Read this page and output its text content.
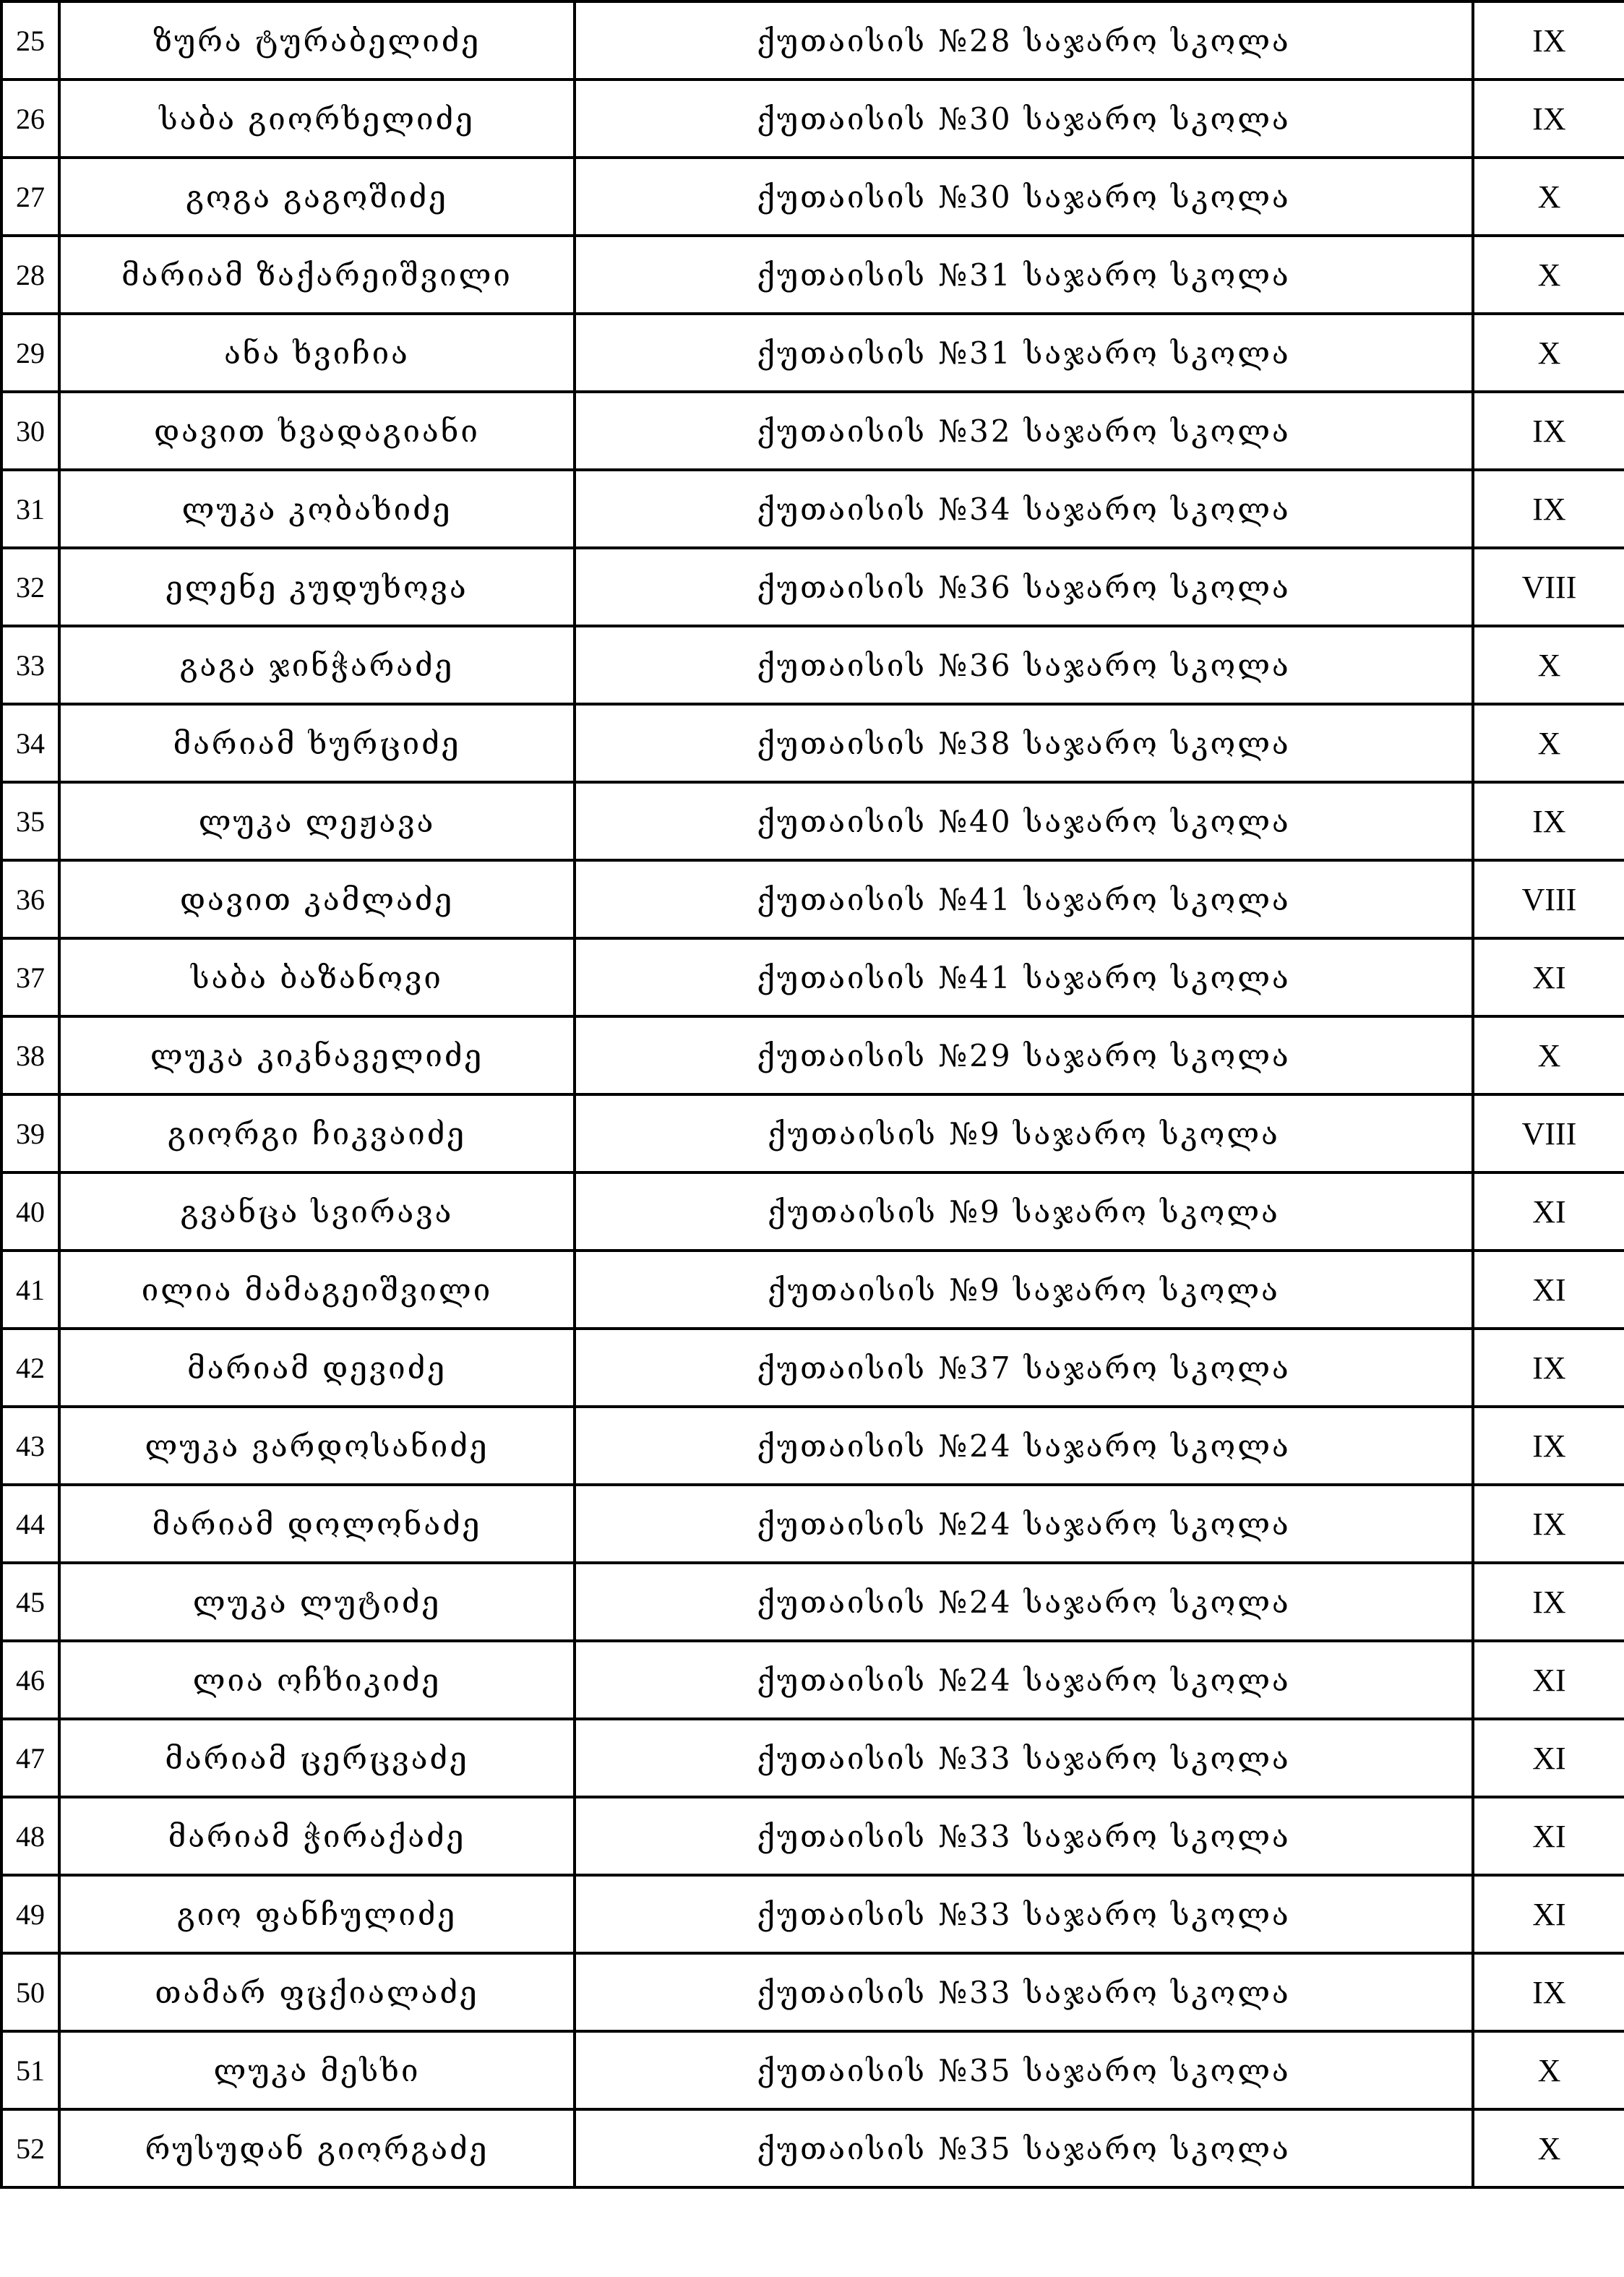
25	ზურა ტურაბელიძე	ქუთაისის №28 საჯარო სკოლა	IX
26	საბა გიორხელიძე	ქუთაისის №30 საჯარო სკოლა	IX
27	გოგა გაგოშიძე	ქუთაისის №30 საჯარო სკოლა	X
28	მარიამ ზაქარეიშვილი	ქუთაისის №31 საჯარო სკოლა	X
29	ანა ხვიჩია	ქუთაისის №31 საჯარო სკოლა	X
30	დავით ხვადაგიანი	ქუთაისის №32 საჯარო სკოლა	IX
31	ლუკა კობახიძე	ქუთაისის №34 საჯარო სკოლა	IX
32	ელენე კუდუხოვა	ქუთაისის №36 საჯარო სკოლა	VIII
33	გაგა ჯინჭარაძე	ქუთაისის №36 საჯარო სკოლა	X
34	მარიამ ხურციძე	ქუთაისის №38 საჯარო სკოლა	X
35	ლუკა ლეჟავა	ქუთაისის №40 საჯარო სკოლა	IX
36	დავით კამლაძე	ქუთაისის №41 საჯარო სკოლა	VIII
37	საბა ბაზანოვი	ქუთაისის №41 საჯარო სკოლა	XI
38	ლუკა კიკნაველიძე	ქუთაისის №29 საჯარო სკოლა	X
39	გიორგი ჩიკვაიძე	ქუთაისის №9 საჯარო სკოლა	VIII
40	გვანცა სვირავა	ქუთაისის №9 საჯარო სკოლა	XI
41	ილია მამაგეიშვილი	ქუთაისის №9 საჯარო სკოლა	XI
42	მარიამ დევიძე	ქუთაისის №37 საჯარო სკოლა	IX
43	ლუკა ვარდოსანიძე	ქუთაისის №24 საჯარო სკოლა	IX
44	მარიამ დოლონაძე	ქუთაისის №24 საჯარო სკოლა	IX
45	ლუკა ლუტიძე	ქუთაისის №24 საჯარო სკოლა	IX
46	ლია ოჩხიკიძე	ქუთაისის №24 საჯარო სკოლა	XI
47	მარიამ ცერცვაძე	ქუთაისის №33 საჯარო სკოლა	XI
48	მარიამ ჭირაქაძე	ქუთაისის №33 საჯარო სკოლა	XI
49	გიო ფანჩულიძე	ქუთაისის №33 საჯარო სკოლა	XI
50	თამარ ფცქიალაძე	ქუთაისის №33 საჯარო სკოლა	IX
51	ლუკა მესხი	ქუთაისის №35 საჯარო სკოლა	X
52	რუსუდან გიორგაძე	ქუთაისის №35 საჯარო სკოლა	X
